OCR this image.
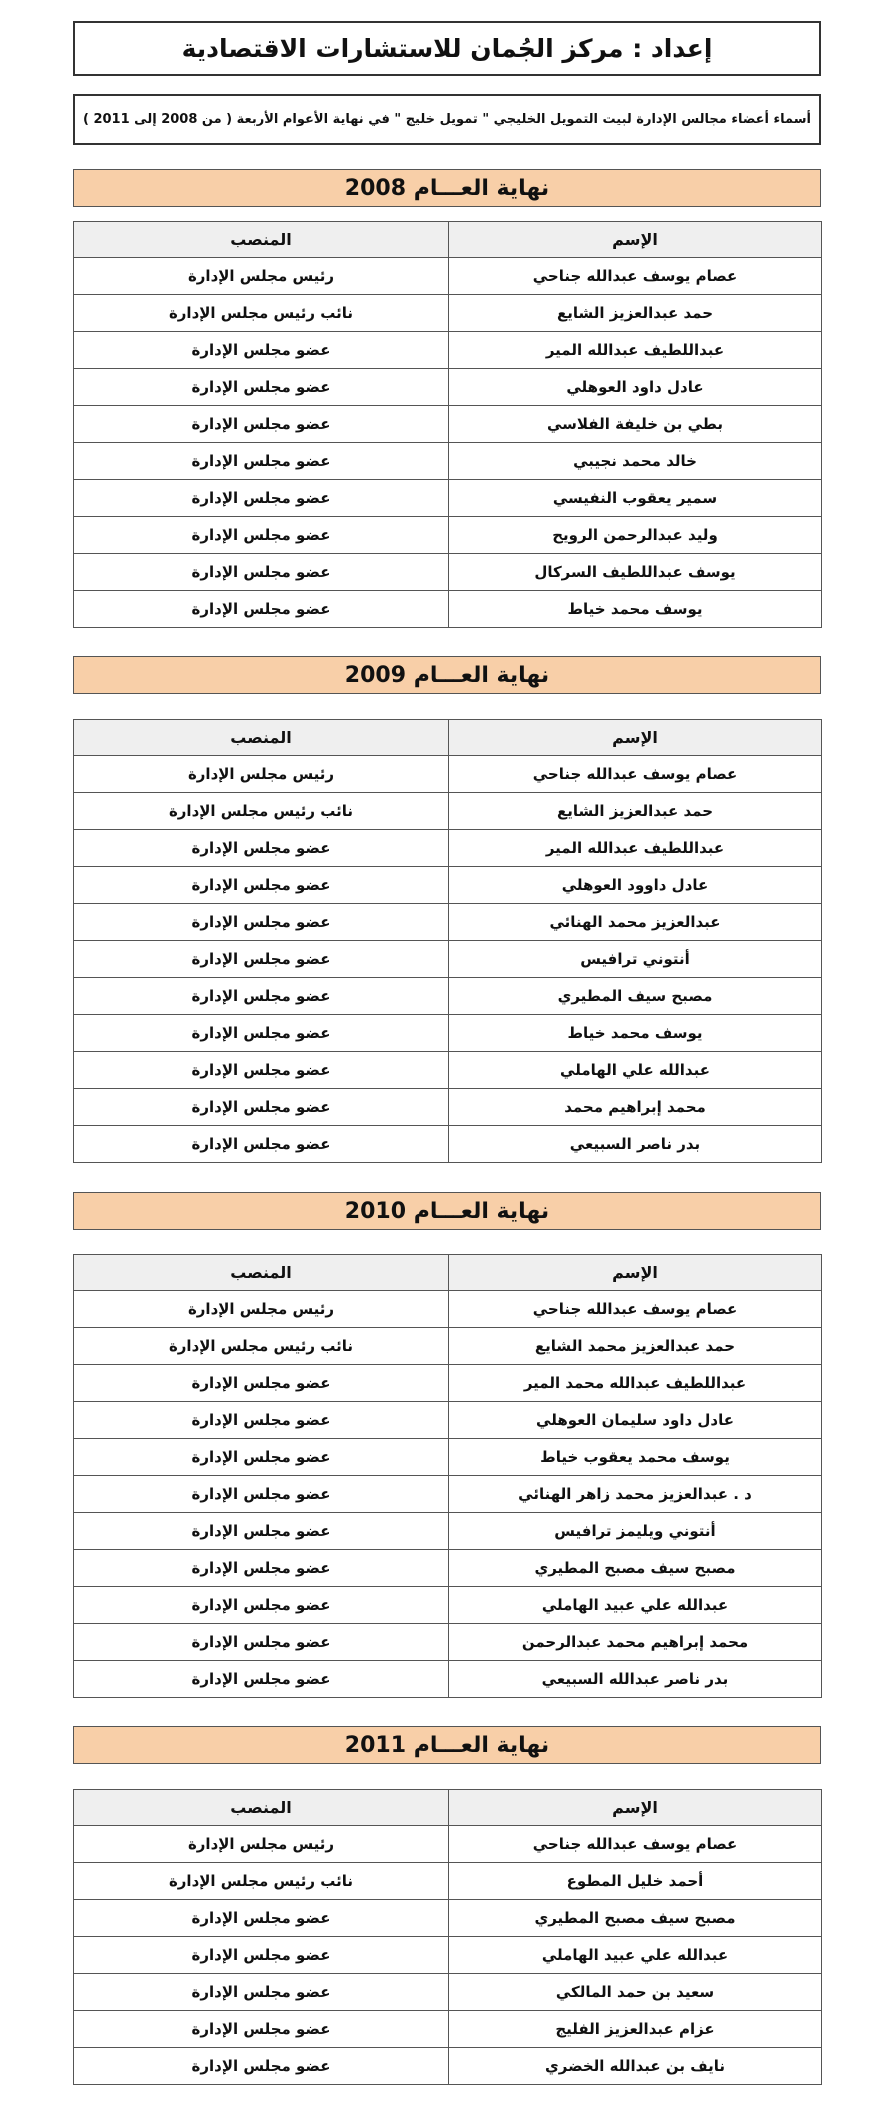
إعداد : مركز الجُمان للاستشارات الاقتصادية
أسماء أعضاء مجالس الإدارة لبيت التمويل الخليجي " تمويل خليج " في نهاية الأعوام الأربعة ( من 2008 إلى 2011 )
نهاية العـــام 2008
الإسم	المنصب
عصام يوسف عبدالله جناحي	رئيس مجلس الإدارة
حمد عبدالعزيز الشايع	نائب رئيس مجلس الإدارة
عبداللطيف عبدالله المير	عضو مجلس الإدارة
عادل داود العوهلي	عضو مجلس الإدارة
بطي بن خليفة الفلاسي	عضو مجلس الإدارة
خالد محمد نجيبي	عضو مجلس الإدارة
سمير يعقوب النفيسي	عضو مجلس الإدارة
وليد عبدالرحمن الرويح	عضو مجلس الإدارة
يوسف عبداللطيف السركال	عضو مجلس الإدارة
يوسف محمد خياط	عضو مجلس الإدارة
نهاية العـــام 2009
الإسم	المنصب
عصام يوسف عبدالله جناحي	رئيس مجلس الإدارة
حمد عبدالعزيز الشايع	نائب رئيس مجلس الإدارة
عبداللطيف عبدالله المير	عضو مجلس الإدارة
عادل داوود العوهلي	عضو مجلس الإدارة
عبدالعزيز محمد الهنائي	عضو مجلس الإدارة
أنتوني ترافيس	عضو مجلس الإدارة
مصبح سيف المطيري	عضو مجلس الإدارة
يوسف محمد خياط	عضو مجلس الإدارة
عبدالله علي الهاملي	عضو مجلس الإدارة
محمد إبراهيم محمد	عضو مجلس الإدارة
بدر ناصر السبيعي	عضو مجلس الإدارة
نهاية العـــام 2010
الإسم	المنصب
عصام يوسف عبدالله جناحي	رئيس مجلس الإدارة
حمد عبدالعزيز محمد الشايع	نائب رئيس مجلس الإدارة
عبداللطيف عبدالله محمد المير	عضو مجلس الإدارة
عادل داود سليمان العوهلي	عضو مجلس الإدارة
يوسف محمد يعقوب خياط	عضو مجلس الإدارة
د . عبدالعزيز محمد زاهر الهنائي	عضو مجلس الإدارة
أنتوني ويليمز ترافيس	عضو مجلس الإدارة
مصبح سيف مصبح المطيري	عضو مجلس الإدارة
عبدالله علي عبيد الهاملي	عضو مجلس الإدارة
محمد إبراهيم محمد عبدالرحمن	عضو مجلس الإدارة
بدر ناصر عبدالله السبيعي	عضو مجلس الإدارة
نهاية العـــام 2011
الإسم	المنصب
عصام يوسف عبدالله جناحي	رئيس مجلس الإدارة
أحمد خليل المطوع	نائب رئيس مجلس الإدارة
مصبح سيف مصبح المطيري	عضو مجلس الإدارة
عبدالله علي عبيد الهاملي	عضو مجلس الإدارة
سعيد بن حمد المالكي	عضو مجلس الإدارة
عزام عبدالعزيز الفليج	عضو مجلس الإدارة
نايف بن عبدالله الخضري	عضو مجلس الإدارة
